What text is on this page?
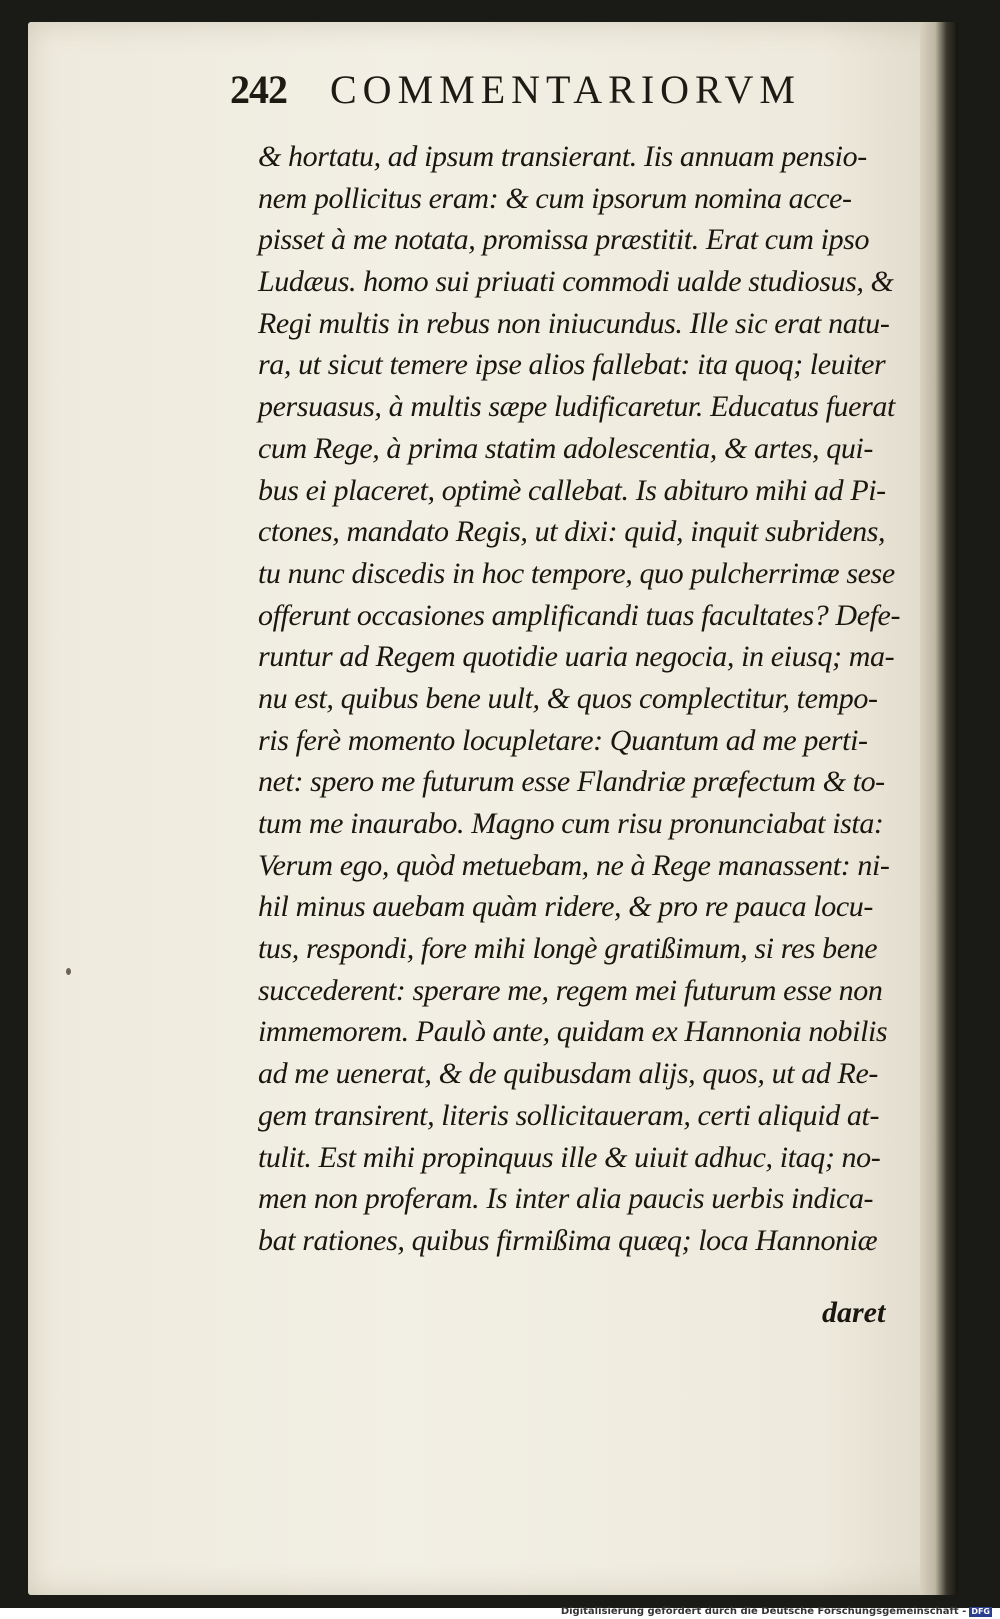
242	COMMENTARIORVM
& hortatu, ad ipsum transierant. Iis annuam pensio-
nem pollicitus eram: & cum ipsorum nomina acce-
pisset à me notata, promissa præstitit. Erat cum ipso
Ludæus. homo sui priuati commodi ualde studiosus, &
Regi multis in rebus non iniucundus. Ille sic erat natu-
ra, ut sicut temere ipse alios fallebat: ita quoq; leuiter
persuasus, à multis sæpe ludificaretur. Educatus fuerat
cum Rege, à prima statim adolescentia, & artes, qui-
bus ei placeret, optimè callebat. Is abituro mihi ad Pi-
ctones, mandato Regis, ut dixi: quid, inquit subridens,
tu nunc discedis in hoc tempore, quo pulcherrimæ sese
offerunt occasiones amplificandi tuas facultates? Defe-
runtur ad Regem quotidie uaria negocia, in eiusq; ma-
nu est, quibus bene uult, & quos complectitur, tempo-
ris ferè momento locupletare: Quantum ad me perti-
net: spero me futurum esse Flandriæ præfectum & to-
tum me inaurabo. Magno cum risu pronunciabat ista:
Verum ego, quòd metuebam, ne à Rege manassent: ni-
hil minus auebam quàm ridere, & pro re pauca locu-
tus, respondi, fore mihi longè gratißimum, si res bene
succederent: sperare me, regem mei futurum esse non
immemorem. Paulò ante, quidam ex Hannonia nobilis
ad me uenerat, & de quibusdam alijs, quos, ut ad Re-
gem transirent, literis sollicitaueram, certi aliquid at-
tulit. Est mihi propinquus ille & uiuit adhuc, itaq; no-
men non proferam. Is inter alia paucis uerbis indica-
bat rationes, quibus firmißima quæq; loca Hannoniæ
daret
Digitalisierung gefördert durch die Deutsche Forschungsgemeinschaft - DFG
